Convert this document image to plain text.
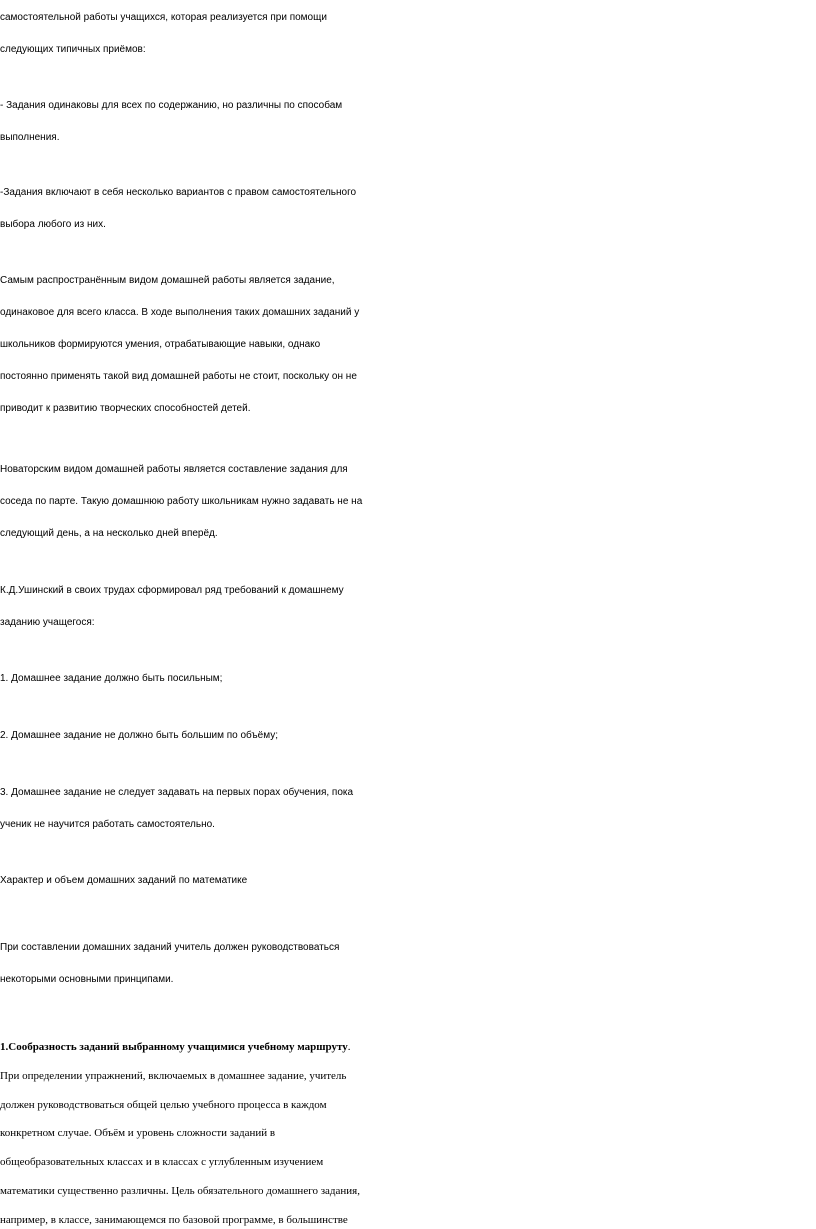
самостоятельной работы учащихся, которая реализуется при помощи
следующих типичных приёмов:
- Задания одинаковы для всех по содержанию, но различны по способам
выполнения.
-Задания включают в себя несколько вариантов с правом самостоятельного
выбора любого из них.
Самым распространённым видом домашней работы является задание,
одинаковое для всего класса. В ходе выполнения таких домашних заданий у
школьников формируются умения, отрабатывающие навыки, однако
постоянно применять такой вид домашней работы не стоит, поскольку он не
приводит к развитию творческих способностей детей.
Новаторским видом домашней работы является составление задания для
соседа по парте. Такую домашнюю работу школьникам нужно задавать не на
следующий день, а на несколько дней вперёд.
К.Д.Ушинский в своих трудах сформировал ряд требований к домашнему
заданию учащегося:
1. Домашнее задание должно быть посильным;
2. Домашнее задание не должно быть большим по объёму;
3. Домашнее задание не следует задавать на первых порах обучения, пока
ученик не научится работать самостоятельно.
Характер и объем домашних заданий по математике
При составлении домашних заданий учитель должен руководствоваться
некоторыми основными принципами.
1.Сообразность заданий выбранному учащимися учебному маршруту.
При определении упражнений, включаемых в домашнее задание, учитель
должен руководствоваться общей целью учебного процесса в каждом
конкретном случае. Объём и уровень сложности заданий в
общеобразовательных классах и в классах с углубленным изучением
математики существенно различны. Цель обязательного домашнего задания,
например, в классе, занимающемся по базовой программе, в большинстве
